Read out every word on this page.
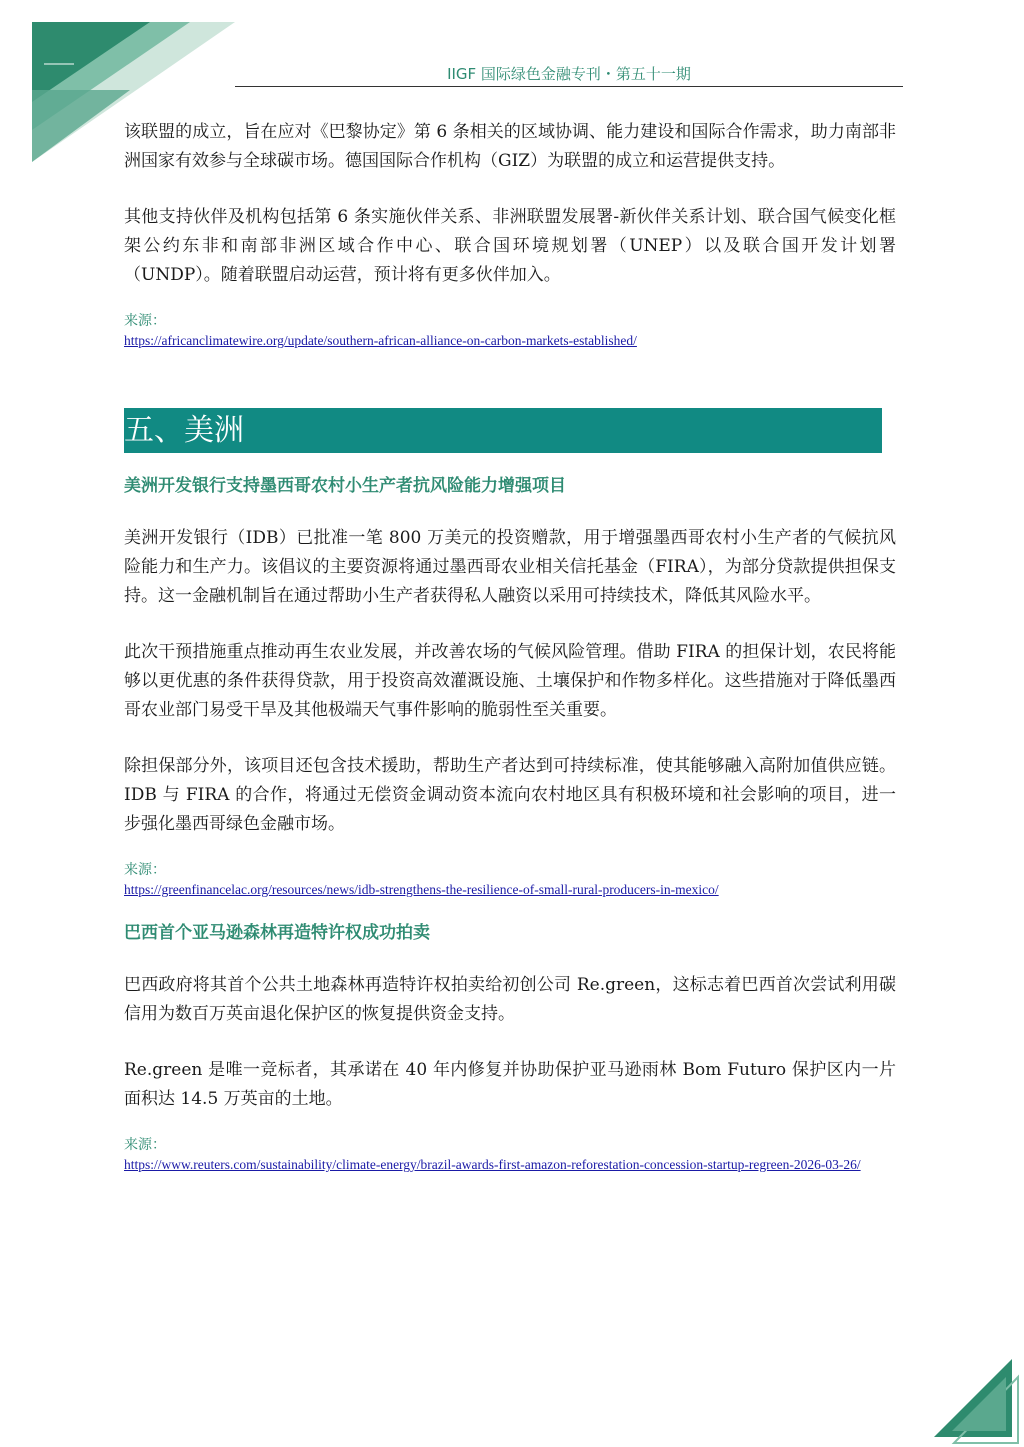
IIGF 国际绿色金融专刊・第五十一期

该联盟的成立，旨在应对《巴黎协定》第 6 条相关的区域协调、能力建设和国际合作需求，助力南部非洲国家有效参与全球碳市场。德国国际合作机构（GIZ）为联盟的成立和运营提供支持。

其他支持伙伴及机构包括第 6 条实施伙伴关系、非洲联盟发展署-新伙伴关系计划、联合国气候变化框架公约东非和南部非洲区域合作中心、联合国环境规划署（UNEP）以及联合国开发计划署（UNDP）。随着联盟启动运营，预计将有更多伙伴加入。

来源：
https://africanclimatewire.org/update/southern-african-alliance-on-carbon-markets-established/
五、美洲
美洲开发银行支持墨西哥农村小生产者抗风险能力增强项目

美洲开发银行（IDB）已批准一笔 800 万美元的投资赠款，用于增强墨西哥农村小生产者的气候抗风险能力和生产力。该倡议的主要资源将通过墨西哥农业相关信托基金（FIRA），为部分贷款提供担保支持。这一金融机制旨在通过帮助小生产者获得私人融资以采用可持续技术，降低其风险水平。

此次干预措施重点推动再生农业发展，并改善农场的气候风险管理。借助 FIRA 的担保计划，农民将能够以更优惠的条件获得贷款，用于投资高效灌溉设施、土壤保护和作物多样化。这些措施对于降低墨西哥农业部门易受干旱及其他极端天气事件影响的脆弱性至关重要。

除担保部分外，该项目还包含技术援助，帮助生产者达到可持续标准，使其能够融入高附加值供应链。IDB 与 FIRA 的合作，将通过无偿资金调动资本流向农村地区具有积极环境和社会影响的项目，进一步强化墨西哥绿色金融市场。

来源：
https://greenfinancelac.org/resources/news/idb-strengthens-the-resilience-of-small-rural-producers-in-mexico/
巴西首个亚马逊森林再造特许权成功拍卖

巴西政府将其首个公共土地森林再造特许权拍卖给初创公司 Re.green，这标志着巴西首次尝试利用碳信用为数百万英亩退化保护区的恢复提供资金支持。

Re.green 是唯一竞标者，其承诺在 40 年内修复并协助保护亚马逊雨林 Bom Futuro 保护区内一片面积达 14.5 万英亩的土地。

来源：
https://www.reuters.com/sustainability/climate-energy/brazil-awards-first-amazon-reforestation-concession-startup-regreen-2026-03-26/
